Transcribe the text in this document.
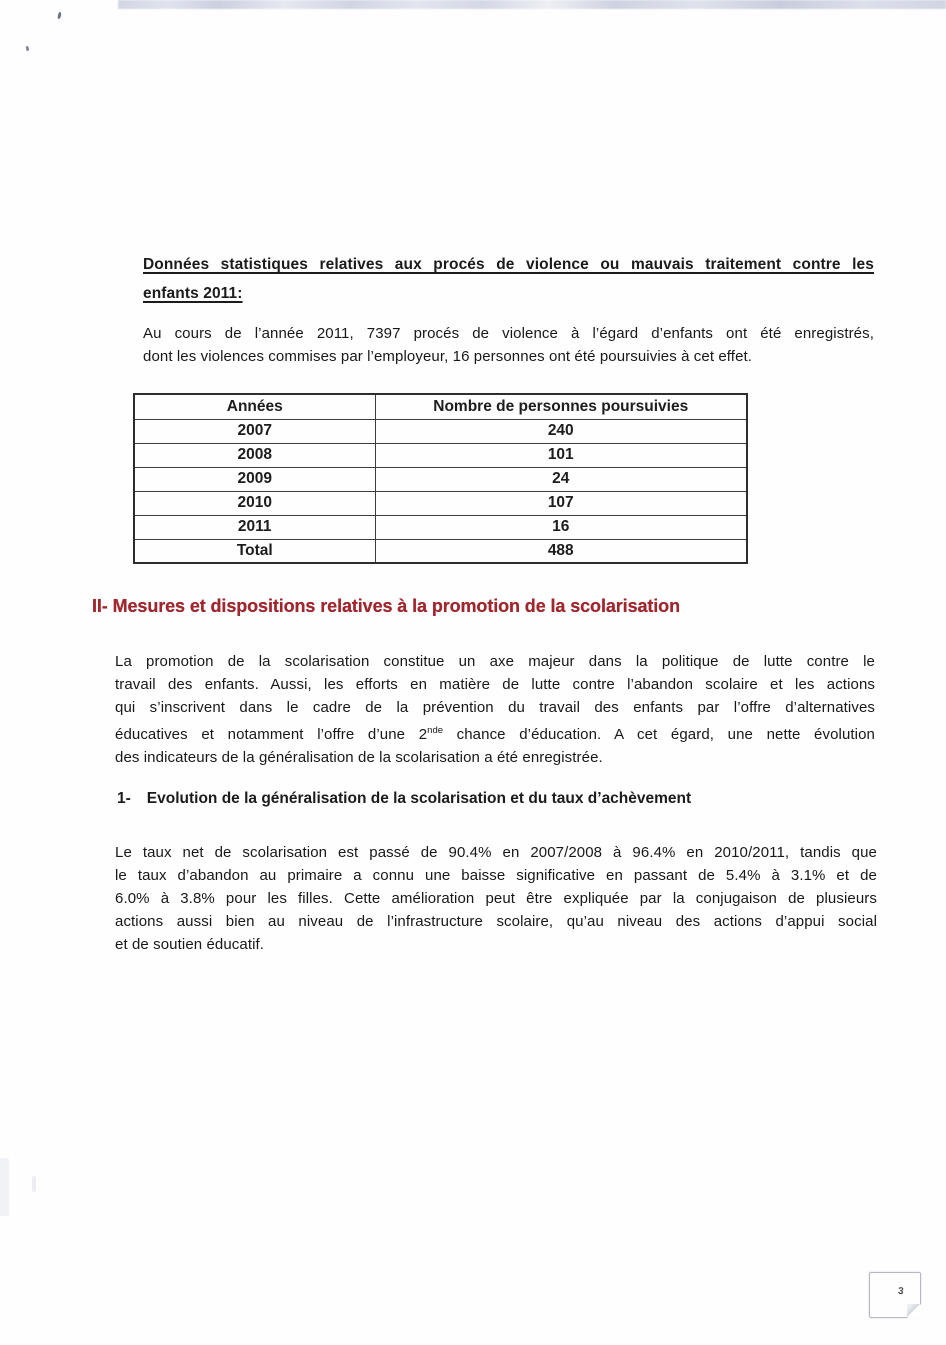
Données statistiques relatives aux procés de violence ou mauvais traitement contre les
enfants 2011:
Au cours de l’année 2011, 7397 procés de violence à l’égard d’enfants ont été enregistrés,
dont les violences commises par l’employeur, 16 personnes ont été poursuivies à cet effet.
Années	Nombre de personnes poursuivies
2007	240
2008	101
2009	24
2010	107
2011	16
Total	488
II- Mesures et dispositions relatives à la promotion de la scolarisation
La promotion de la scolarisation constitue un axe majeur dans la politique de lutte contre le
travail des enfants. Aussi, les efforts en matière de lutte contre l’abandon scolaire et les actions
qui s’inscrivent dans le cadre de la prévention du travail des enfants par l’offre d’alternatives
éducatives et notamment l’offre d’une 2nde chance d’éducation. A cet égard, une nette évolution
des indicateurs de la généralisation de la scolarisation a été enregistrée.
1- Evolution de la généralisation de la scolarisation et du taux d’achèvement
Le taux net de scolarisation est passé de 90.4% en 2007/2008 à 96.4% en 2010/2011, tandis que
le taux d’abandon au primaire a connu une baisse significative en passant de 5.4% à 3.1% et de
6.0% à 3.8% pour les filles. Cette amélioration peut être expliquée par la conjugaison de plusieurs
actions aussi bien au niveau de l’infrastructure scolaire, qu’au niveau des actions d’appui social
et de soutien éducatif.
3
